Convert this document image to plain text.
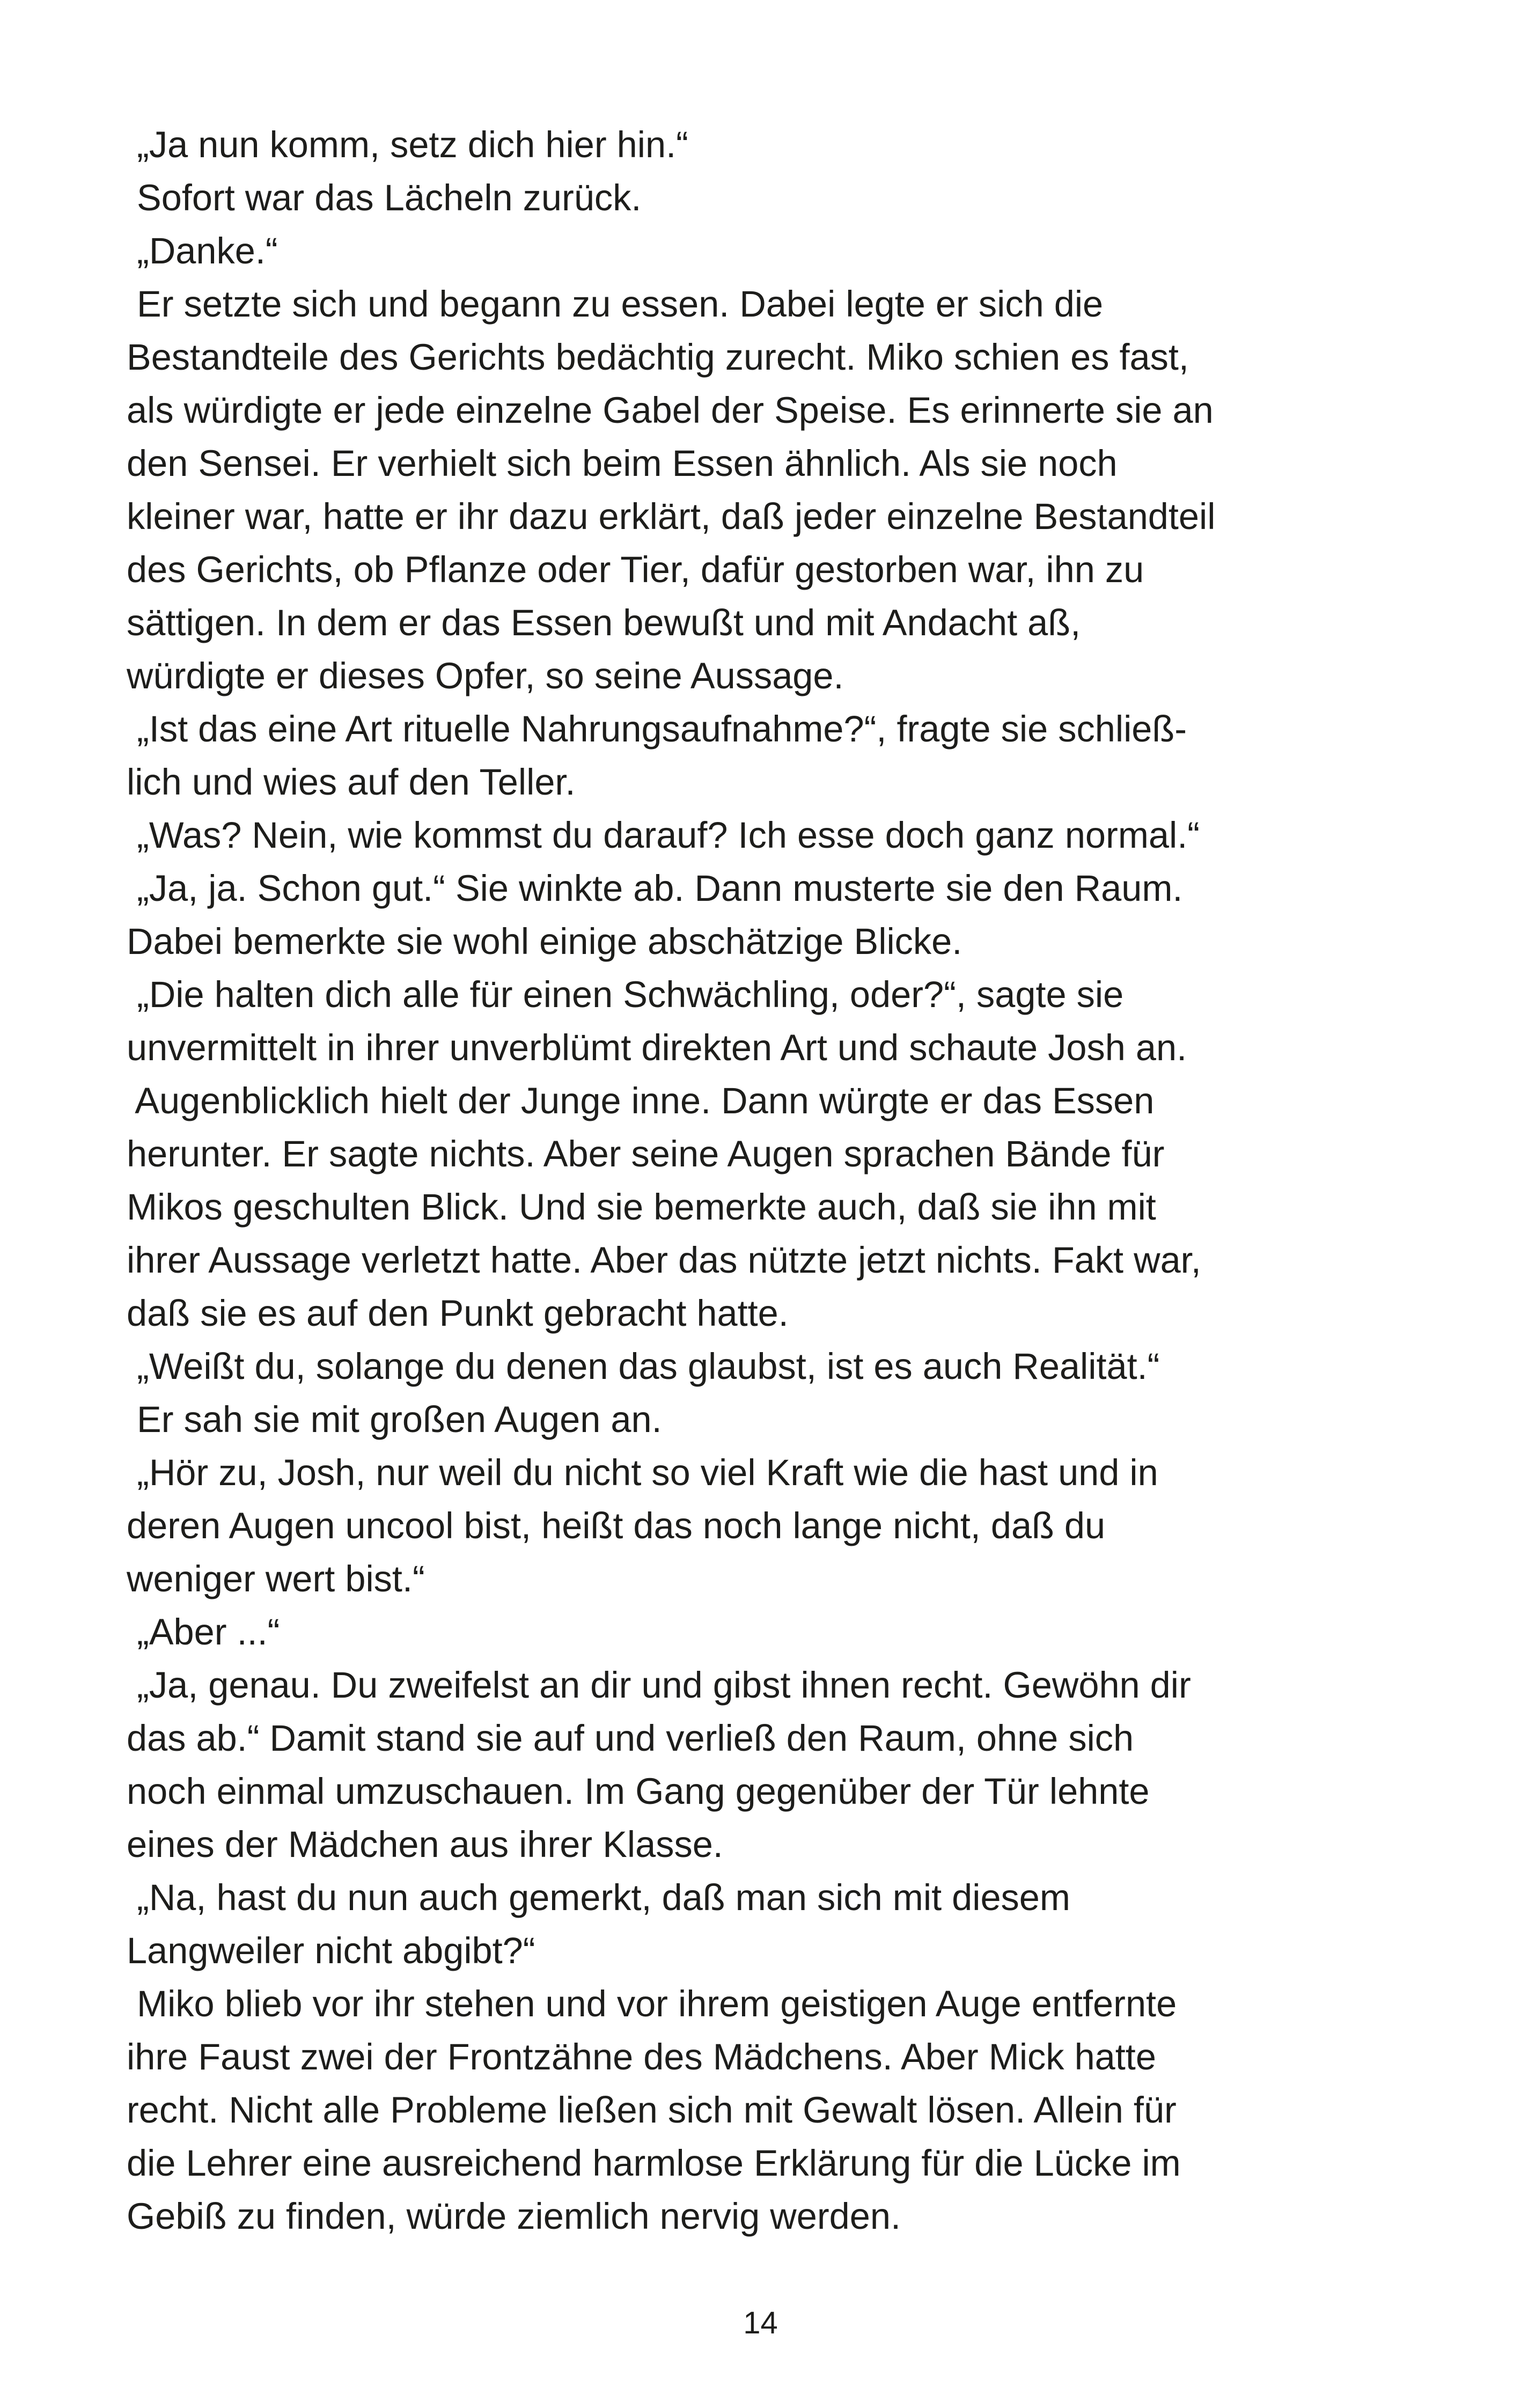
„Ja nun komm, setz dich hier hin.“
Sofort war das Lächeln zurück.
„Danke.“
Er setzte sich und begann zu essen. Dabei legte er sich die
Bestandteile des Gerichts bedächtig zurecht. Miko schien es fast,
als würdigte er jede einzelne Gabel der Speise. Es erinnerte sie an
den Sensei. Er verhielt sich beim Essen ähnlich. Als sie noch
kleiner war, hatte er ihr dazu erklärt, daß jeder einzelne Bestandteil
des Gerichts, ob Pflanze oder Tier, dafür gestorben war, ihn zu
sättigen. In dem er das Essen bewußt und mit Andacht aß,
würdigte er dieses Opfer, so seine Aussage.
„Ist das eine Art rituelle Nahrungsaufnahme?“, fragte sie schließ-
lich und wies auf den Teller.
„Was? Nein, wie kommst du darauf? Ich esse doch ganz normal.“
„Ja, ja. Schon gut.“ Sie winkte ab. Dann musterte sie den Raum.
Dabei bemerkte sie wohl einige abschätzige Blicke.
„Die halten dich alle für einen Schwächling, oder?“, sagte sie
unvermittelt in ihrer unverblümt direkten Art und schaute Josh an.
Augenblicklich hielt der Junge inne. Dann würgte er das Essen
herunter. Er sagte nichts. Aber seine Augen sprachen Bände für
Mikos geschulten Blick. Und sie bemerkte auch, daß sie ihn mit
ihrer Aussage verletzt hatte. Aber das nützte jetzt nichts. Fakt war,
daß sie es auf den Punkt gebracht hatte.
„Weißt du, solange du denen das glaubst, ist es auch Realität.“
Er sah sie mit großen Augen an.
„Hör zu, Josh, nur weil du nicht so viel Kraft wie die hast und in
deren Augen uncool bist, heißt das noch lange nicht, daß du
weniger wert bist.“
„Aber ...“
„Ja, genau. Du zweifelst an dir und gibst ihnen recht. Gewöhn dir
das ab.“ Damit stand sie auf und verließ den Raum, ohne sich
noch einmal umzuschauen. Im Gang gegenüber der Tür lehnte
eines der Mädchen aus ihrer Klasse.
„Na, hast du nun auch gemerkt, daß man sich mit diesem
Langweiler nicht abgibt?“
Miko blieb vor ihr stehen und vor ihrem geistigen Auge entfernte
ihre Faust zwei der Frontzähne des Mädchens. Aber Mick hatte
recht. Nicht alle Probleme ließen sich mit Gewalt lösen. Allein für
die Lehrer eine ausreichend harmlose Erklärung für die Lücke im
Gebiß zu finden, würde ziemlich nervig werden.
14
